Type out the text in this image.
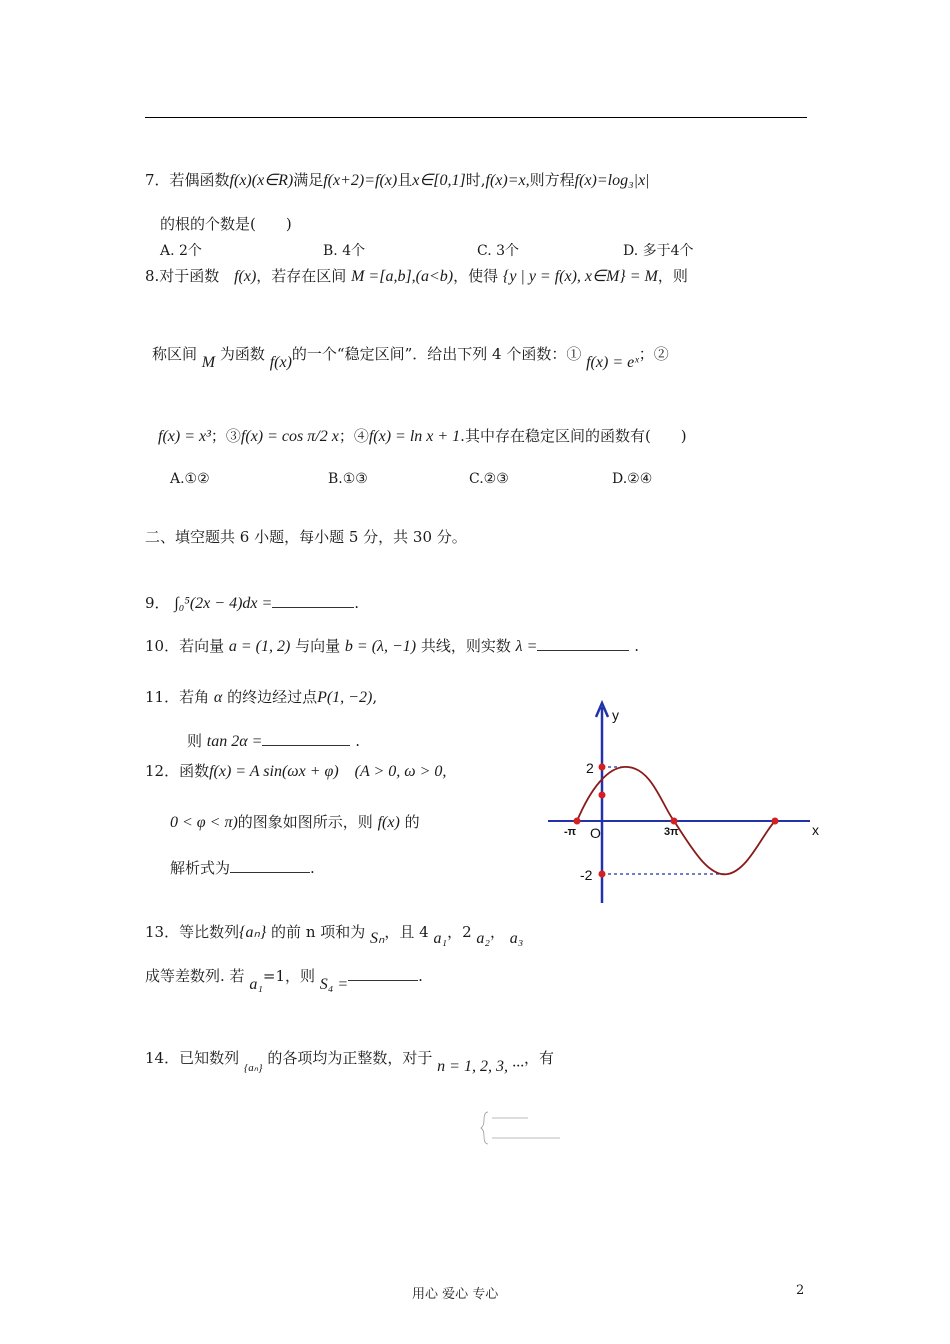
7．若偶函数f(x)(x∈R)满足f(x+2)=f(x)且x∈[0,1]时,f(x)=x,则方程f(x)=log₃|x|
的根的个数是(　　)
A. 2个	B. 4个	C. 3个	D. 多于4个
8.对于函数 f(x)，若存在区间 M =[a,b],(a<b)，使得 {y | y = f(x), x∈M} = M，则
称区间 M 为函数 f(x)的一个“稳定区间”．给出下列 4 个函数：① f(x) = eˣ；②
f(x) = x³；③f(x) = cos π/2 x；④f(x) = ln x + 1.其中存在稳定区间的函数有(　　)
A.①②	B.①③	C.②③	D.②④
二、填空题共 6 小题，每小题 5 分，共 30 分。
9． ∫₀⁵(2x − 4)dx =	.
10．若向量 a = (1, 2) 与向量 b = (λ, −1) 共线，则实数 λ =	.
11．若角 α 的终边经过点P(1, −2),
则 tan 2α =	.
12．函数f(x) = A sin(ωx + φ)　(A > 0, ω > 0,
0 < φ < π)的图象如图所示，则 f(x) 的
解析式为	.
y
x
2
-2
-π O	3π
13．等比数列{aₙ} 的前 n 项和为 Sₙ，且 4 a₁，2 a₂， a₃
成等差数列. 若 a₁=1，则 S₄ =	.
14．已知数列 $_{\{a_n\}}$ 的各项均为正整数，对于 n = 1, 2, 3, ···，有
用心 爱心 专心	2
